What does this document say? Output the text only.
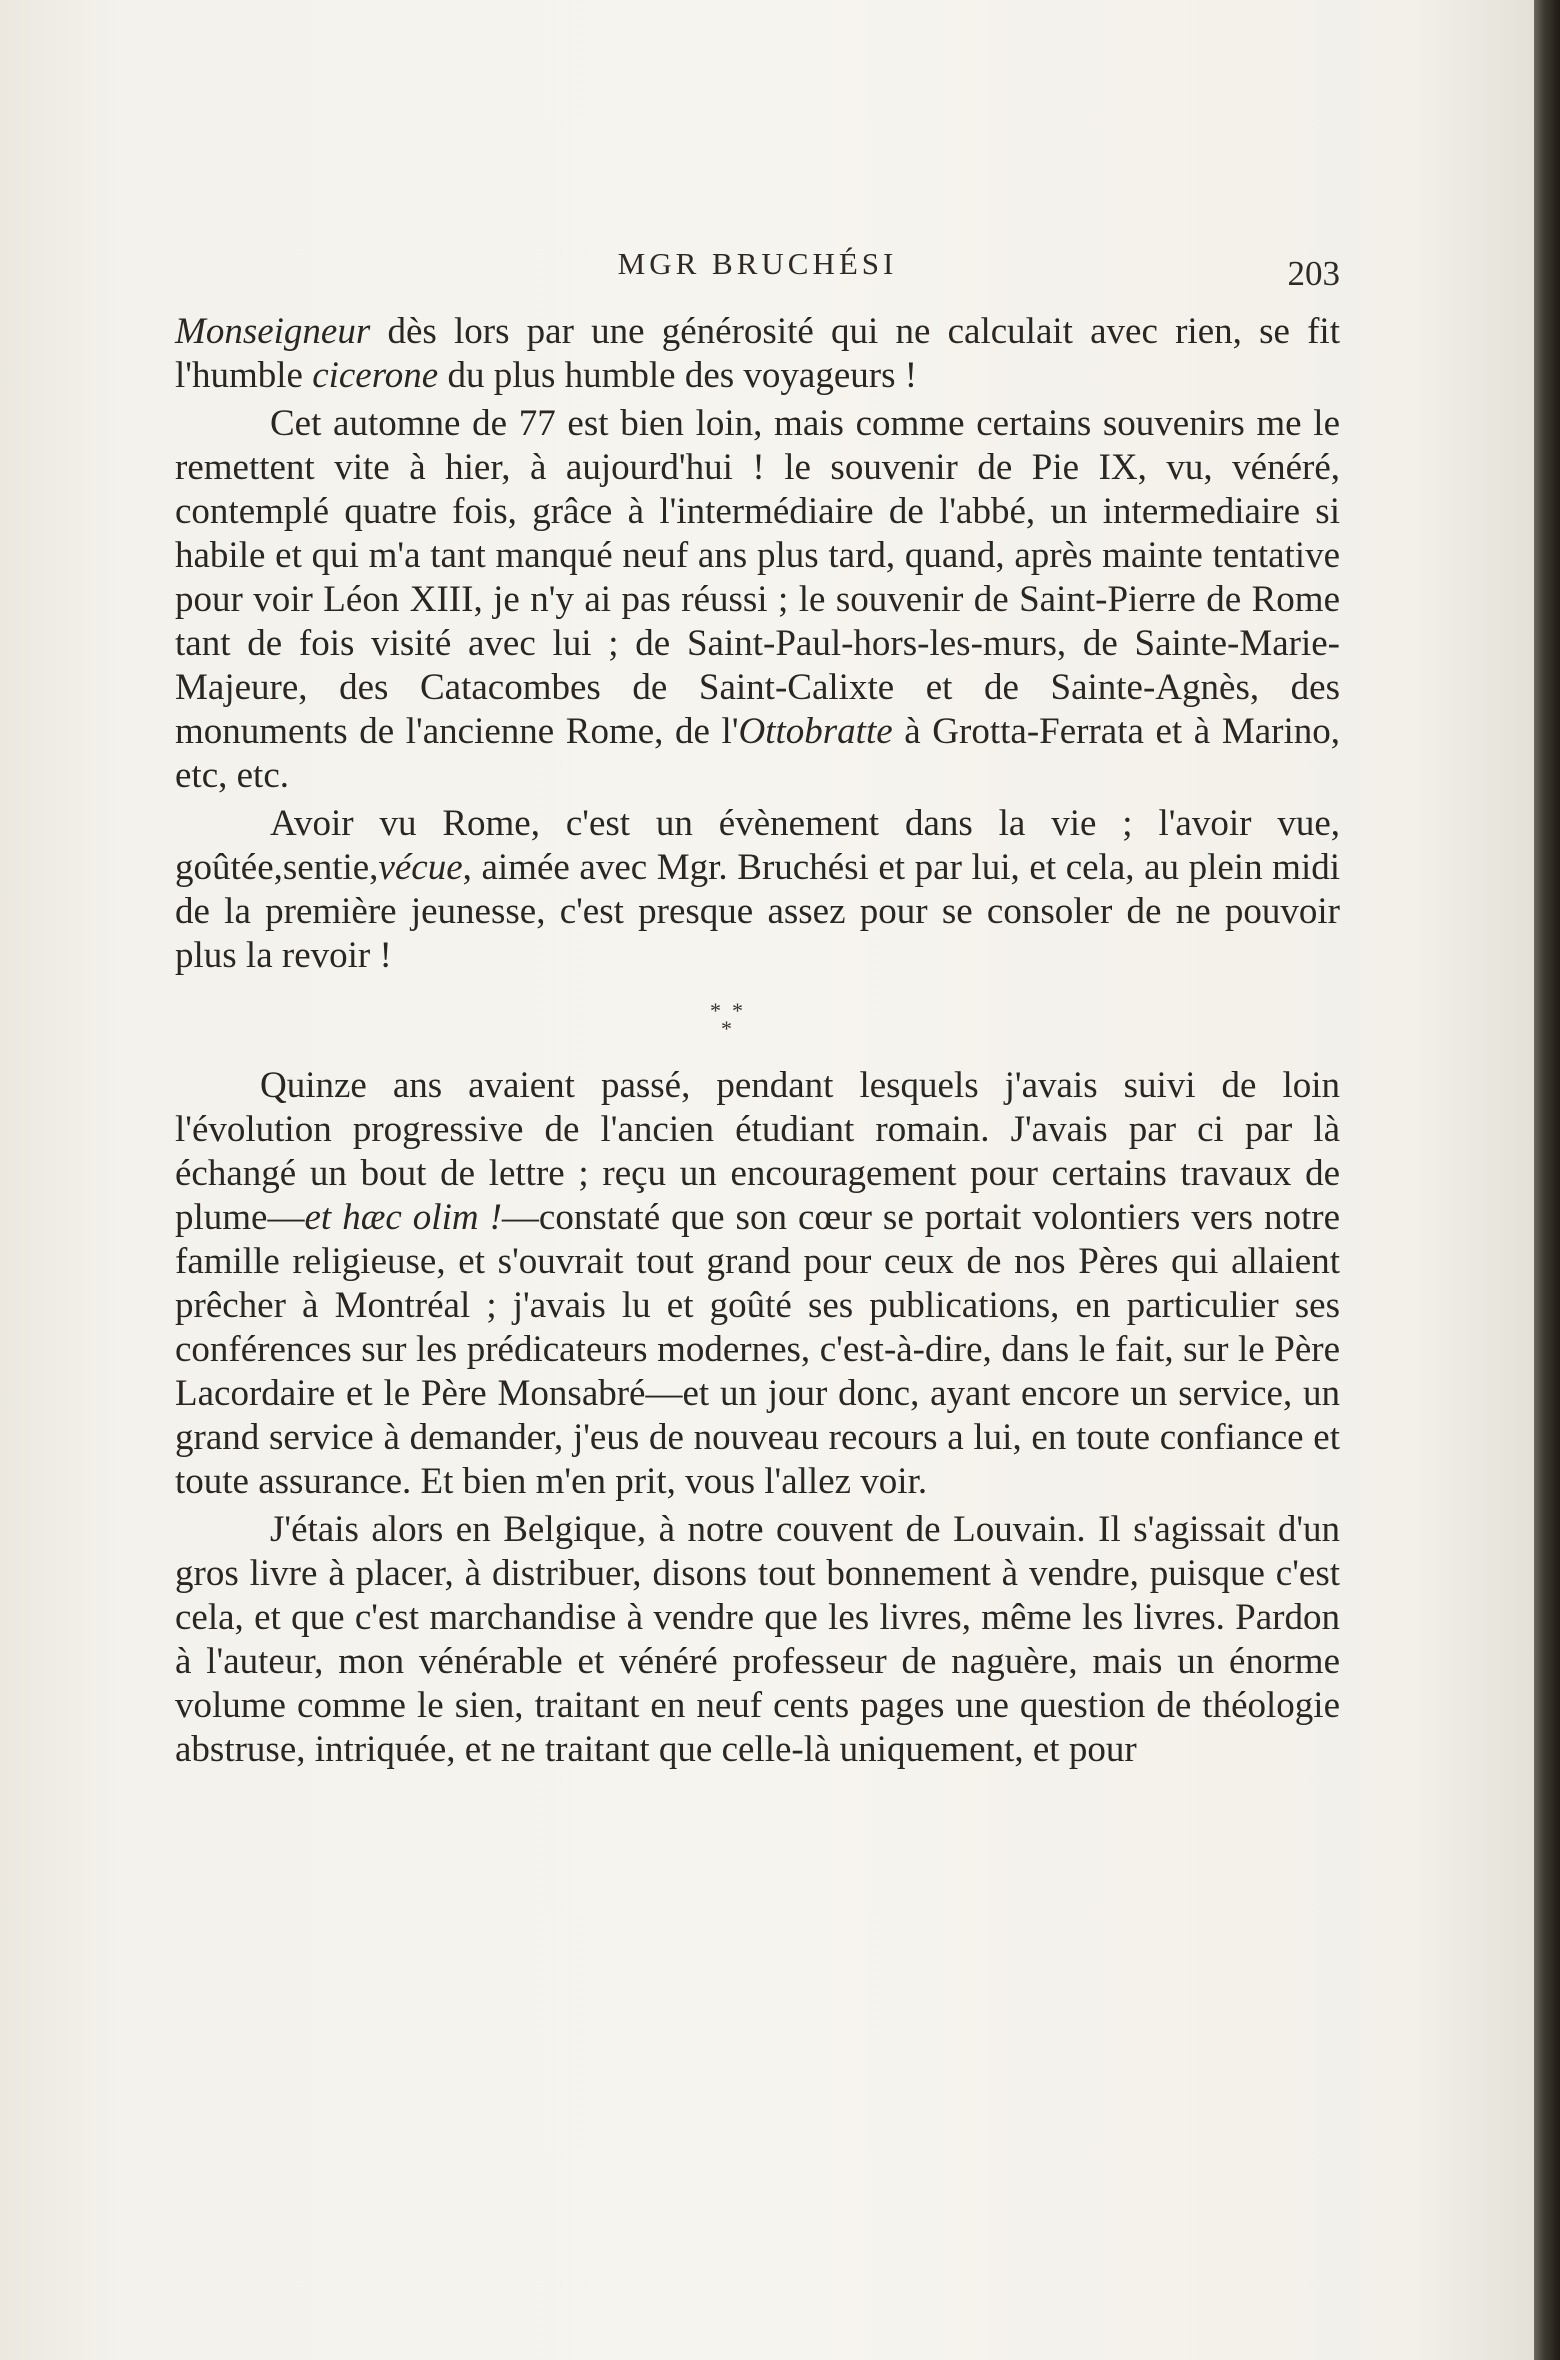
MGR BRUCHÉSI	203

Monseigneur dès lors par une générosité qui ne calculait avec rien, se fit l'humble cicerone du plus humble des voyageurs !

Cet automne de 77 est bien loin, mais comme certains souvenirs me le remettent vite à hier, à aujourd'hui ! le souvenir de Pie IX, vu, vénéré, contemplé quatre fois, grâce à l'intermédiaire de l'abbé, un intermediaire si habile et qui m'a tant manqué neuf ans plus tard, quand, après mainte tentative pour voir Léon XIII, je n'y ai pas réussi ; le souvenir de Saint-Pierre de Rome tant de fois visité avec lui ; de Saint-Paul-hors-les-murs, de Sainte-Marie-Majeure, des Catacombes de Saint-Calixte et de Sainte-Agnès, des monuments de l'ancienne Rome, de l'Ottobratte à Grotta-Ferrata et à Marino, etc, etc.

Avoir vu Rome, c'est un évènement dans la vie ; l'avoir vue, goûtée,sentie,vécue, aimée avec Mgr. Bruchési et par lui, et cela, au plein midi de la première jeunesse, c'est presque assez pour se consoler de ne pouvoir plus la revoir !

* *
*

Quinze ans avaient passé, pendant lesquels j'avais suivi de loin l'évolution progressive de l'ancien étudiant romain. J'avais par ci par là échangé un bout de lettre ; reçu un encouragement pour certains travaux de plume—et hæc olim !—constaté que son cœur se portait volontiers vers notre famille religieuse, et s'ouvrait tout grand pour ceux de nos Pères qui allaient prêcher à Montréal ; j'avais lu et goûté ses publications, en particulier ses conférences sur les prédicateurs modernes, c'est-à-dire, dans le fait, sur le Père Lacordaire et le Père Monsabré—et un jour donc, ayant encore un service, un grand service à demander, j'eus de nouveau recours a lui, en toute confiance et toute assurance. Et bien m'en prit, vous l'allez voir.

J'étais alors en Belgique, à notre couvent de Louvain. Il s'agissait d'un gros livre à placer, à distribuer, disons tout bonnement à vendre, puisque c'est cela, et que c'est marchandise à vendre que les livres, même les livres. Pardon à l'auteur, mon vénérable et vénéré professeur de naguère, mais un énorme volume comme le sien, traitant en neuf cents pages une question de théologie abstruse, intriquée, et ne traitant que celle-là uniquement, et pour
